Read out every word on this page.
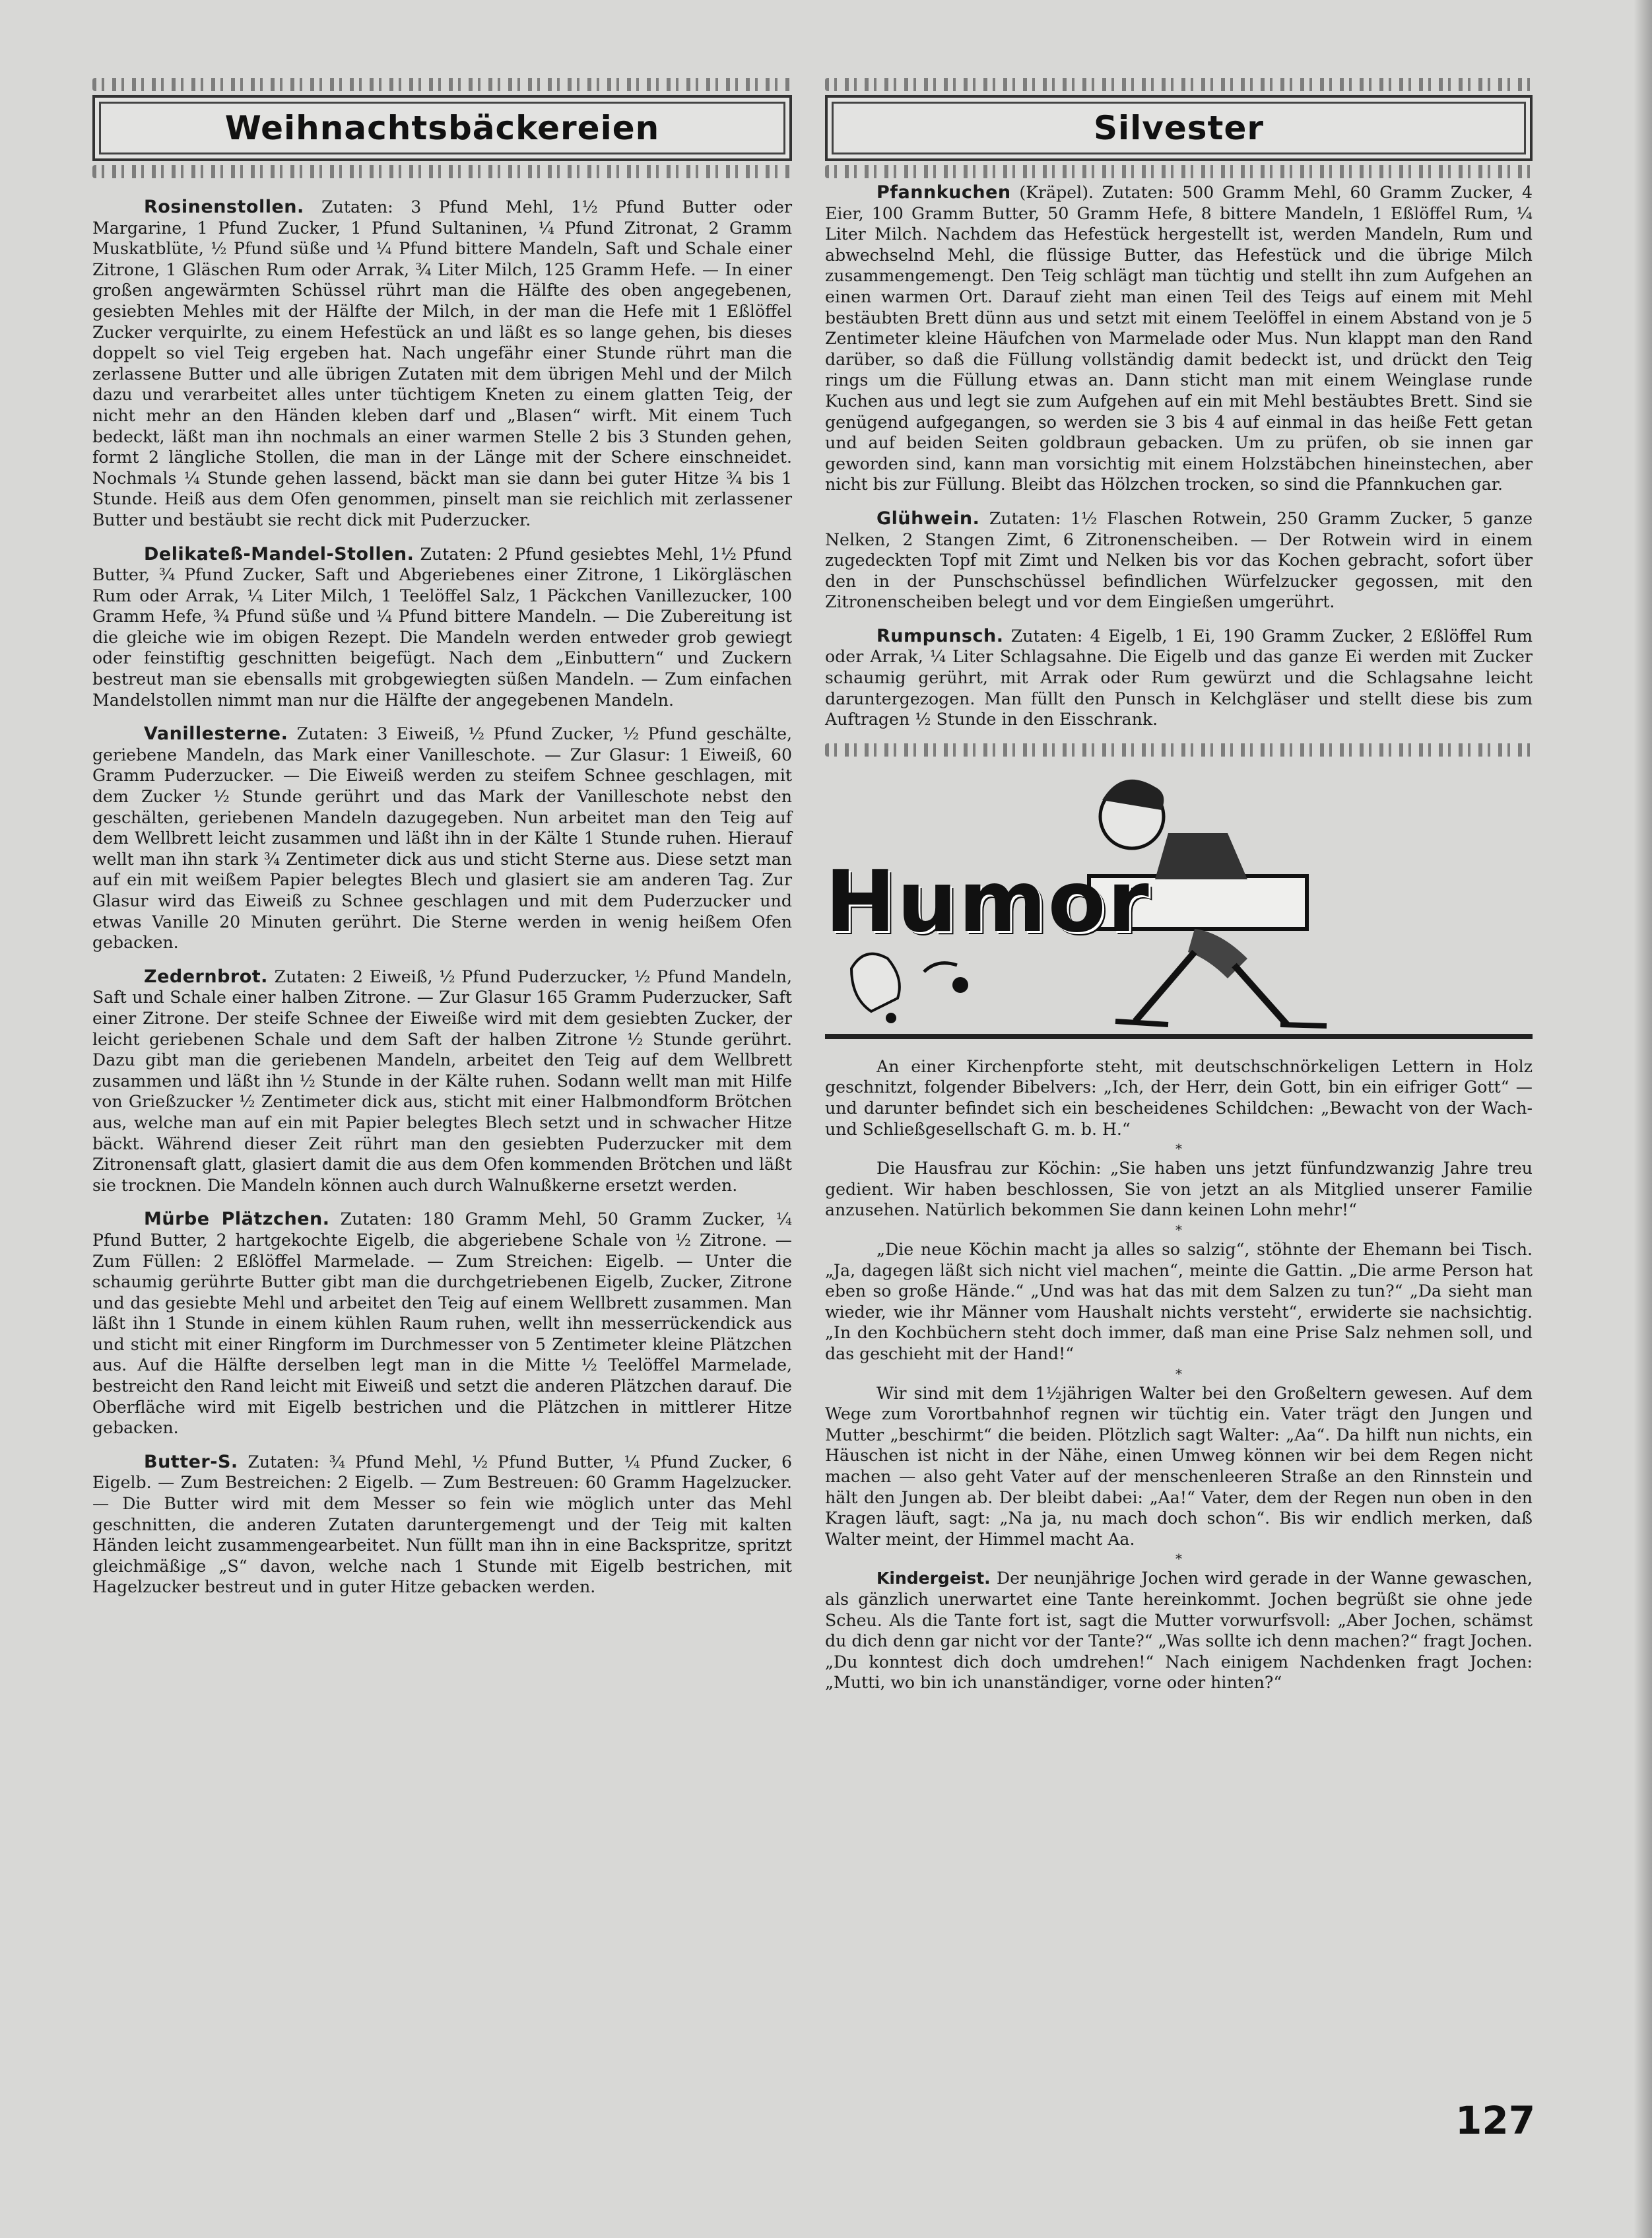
Weihnachtsbäckereien

Rosinenstollen. Zutaten: 3 Pfund Mehl, 1½ Pfund Butter oder Margarine, 1 Pfund Zucker, 1 Pfund Sultaninen, ¼ Pfund Zitronat, 2 Gramm Muskatblüte, ½ Pfund süße und ¼ Pfund bittere Mandeln, Saft und Schale einer Zitrone, 1 Gläschen Rum oder Arrak, ¾ Liter Milch, 125 Gramm Hefe. — In einer großen angewärmten Schüssel rührt man die Hälfte des oben angegebenen, gesiebten Mehles mit der Hälfte der Milch, in der man die Hefe mit 1 Eßlöffel Zucker verquirlte, zu einem Hefestück an und läßt es so lange gehen, bis dieses doppelt so viel Teig ergeben hat. Nach ungefähr einer Stunde rührt man die zerlassene Butter und alle übrigen Zutaten mit dem übrigen Mehl und der Milch dazu und verarbeitet alles unter tüchtigem Kneten zu einem glatten Teig, der nicht mehr an den Händen kleben darf und „Blasen“ wirft. Mit einem Tuch bedeckt, läßt man ihn nochmals an einer warmen Stelle 2 bis 3 Stunden gehen, formt 2 längliche Stollen, die man in der Länge mit der Schere einschneidet. Nochmals ¼ Stunde gehen lassend, bäckt man sie dann bei guter Hitze ¾ bis 1 Stunde. Heiß aus dem Ofen genommen, pinselt man sie reichlich mit zerlassener Butter und bestäubt sie recht dick mit Puderzucker.

Delikateß-Mandel-Stollen. Zutaten: 2 Pfund gesiebtes Mehl, 1½ Pfund Butter, ¾ Pfund Zucker, Saft und Abgeriebenes einer Zitrone, 1 Likörgläschen Rum oder Arrak, ¼ Liter Milch, 1 Teelöffel Salz, 1 Päckchen Vanillezucker, 100 Gramm Hefe, ¾ Pfund süße und ¼ Pfund bittere Mandeln. — Die Zubereitung ist die gleiche wie im obigen Rezept. Die Mandeln werden entweder grob gewiegt oder feinstiftig geschnitten beigefügt. Nach dem „Einbuttern“ und Zuckern bestreut man sie ebensalls mit grobgewiegten süßen Mandeln. — Zum einfachen Mandelstollen nimmt man nur die Hälfte der angegebenen Mandeln.

Vanillesterne. Zutaten: 3 Eiweiß, ½ Pfund Zucker, ½ Pfund geschälte, geriebene Mandeln, das Mark einer Vanilleschote. — Zur Glasur: 1 Eiweiß, 60 Gramm Puderzucker. — Die Eiweiß werden zu steifem Schnee geschlagen, mit dem Zucker ½ Stunde gerührt und das Mark der Vanilleschote nebst den geschälten, geriebenen Mandeln dazugegeben. Nun arbeitet man den Teig auf dem Wellbrett leicht zusammen und läßt ihn in der Kälte 1 Stunde ruhen. Hierauf wellt man ihn stark ¾ Zentimeter dick aus und sticht Sterne aus. Diese setzt man auf ein mit weißem Papier belegtes Blech und glasiert sie am anderen Tag. Zur Glasur wird das Eiweiß zu Schnee geschlagen und mit dem Puderzucker und etwas Vanille 20 Minuten gerührt. Die Sterne werden in wenig heißem Ofen gebacken.

Zedernbrot. Zutaten: 2 Eiweiß, ½ Pfund Puderzucker, ½ Pfund Mandeln, Saft und Schale einer halben Zitrone. — Zur Glasur 165 Gramm Puderzucker, Saft einer Zitrone. Der steife Schnee der Eiweiße wird mit dem gesiebten Zucker, der leicht geriebenen Schale und dem Saft der halben Zitrone ½ Stunde gerührt. Dazu gibt man die geriebenen Mandeln, arbeitet den Teig auf dem Wellbrett zusammen und läßt ihn ½ Stunde in der Kälte ruhen. Sodann wellt man mit Hilfe von Grießzucker ½ Zentimeter dick aus, sticht mit einer Halbmondform Brötchen aus, welche man auf ein mit Papier belegtes Blech setzt und in schwacher Hitze bäckt. Während dieser Zeit rührt man den gesiebten Puderzucker mit dem Zitronensaft glatt, glasiert damit die aus dem Ofen kommenden Brötchen und läßt sie trocknen. Die Mandeln können auch durch Walnußkerne ersetzt werden.

Mürbe Plätzchen. Zutaten: 180 Gramm Mehl, 50 Gramm Zucker, ¼ Pfund Butter, 2 hartgekochte Eigelb, die abgeriebene Schale von ½ Zitrone. — Zum Füllen: 2 Eßlöffel Marmelade. — Zum Streichen: Eigelb. — Unter die schaumig gerührte Butter gibt man die durchgetriebenen Eigelb, Zucker, Zitrone und das gesiebte Mehl und arbeitet den Teig auf einem Wellbrett zusammen. Man läßt ihn 1 Stunde in einem kühlen Raum ruhen, wellt ihn messerrückendick aus und sticht mit einer Ringform im Durchmesser von 5 Zentimeter kleine Plätzchen aus. Auf die Hälfte derselben legt man in die Mitte ½ Teelöffel Marmelade, bestreicht den Rand leicht mit Eiweiß und setzt die anderen Plätzchen darauf. Die Oberfläche wird mit Eigelb bestrichen und die Plätzchen in mittlerer Hitze gebacken.

Butter-S. Zutaten: ¾ Pfund Mehl, ½ Pfund Butter, ¼ Pfund Zucker, 6 Eigelb. — Zum Bestreichen: 2 Eigelb. — Zum Bestreuen: 60 Gramm Hagelzucker. — Die Butter wird mit dem Messer so fein wie möglich unter das Mehl geschnitten, die anderen Zutaten daruntergemengt und der Teig mit kalten Händen leicht zusammengearbeitet. Nun füllt man ihn in eine Backspritze, spritzt gleichmäßige „S“ davon, welche nach 1 Stunde mit Eigelb bestrichen, mit Hagelzucker bestreut und in guter Hitze gebacken werden.

Silvester

Pfannkuchen (Kräpel). Zutaten: 500 Gramm Mehl, 60 Gramm Zucker, 4 Eier, 100 Gramm Butter, 50 Gramm Hefe, 8 bittere Mandeln, 1 Eßlöffel Rum, ¼ Liter Milch. Nachdem das Hefestück hergestellt ist, werden Mandeln, Rum und abwechselnd Mehl, die flüssige Butter, das Hefestück und die übrige Milch zusammengemengt. Den Teig schlägt man tüchtig und stellt ihn zum Aufgehen an einen warmen Ort. Darauf zieht man einen Teil des Teigs auf einem mit Mehl bestäubten Brett dünn aus und setzt mit einem Teelöffel in einem Abstand von je 5 Zentimeter kleine Häufchen von Marmelade oder Mus. Nun klappt man den Rand darüber, so daß die Füllung vollständig damit bedeckt ist, und drückt den Teig rings um die Füllung etwas an. Dann sticht man mit einem Weinglase runde Kuchen aus und legt sie zum Aufgehen auf ein mit Mehl bestäubtes Brett. Sind sie genügend aufgegangen, so werden sie 3 bis 4 auf einmal in das heiße Fett getan und auf beiden Seiten goldbraun gebacken. Um zu prüfen, ob sie innen gar geworden sind, kann man vorsichtig mit einem Holzstäbchen hineinstechen, aber nicht bis zur Füllung. Bleibt das Hölzchen trocken, so sind die Pfannkuchen gar.

Glühwein. Zutaten: 1½ Flaschen Rotwein, 250 Gramm Zucker, 5 ganze Nelken, 2 Stangen Zimt, 6 Zitronenscheiben. — Der Rotwein wird in einem zugedeckten Topf mit Zimt und Nelken bis vor das Kochen gebracht, sofort über den in der Punschschüssel befindlichen Würfelzucker gegossen, mit den Zitronenscheiben belegt und vor dem Eingießen umgerührt.

Rumpunsch. Zutaten: 4 Eigelb, 1 Ei, 190 Gramm Zucker, 2 Eßlöffel Rum oder Arrak, ¼ Liter Schlagsahne. Die Eigelb und das ganze Ei werden mit Zucker schaumig gerührt, mit Arrak oder Rum gewürzt und die Schlagsahne leicht daruntergezogen. Man füllt den Punsch in Kelchgläser und stellt diese bis zum Auftragen ½ Stunde in den Eisschrank.

Humor

An einer Kirchenpforte steht, mit deutschschnörkeligen Lettern in Holz geschnitzt, folgender Bibelvers: „Ich, der Herr, dein Gott, bin ein eifriger Gott“ — und darunter befindet sich ein bescheidenes Schildchen: „Bewacht von der Wach- und Schließgesellschaft G. m. b. H.“

*

Die Hausfrau zur Köchin: „Sie haben uns jetzt fünfundzwanzig Jahre treu gedient. Wir haben beschlossen, Sie von jetzt an als Mitglied unserer Familie anzusehen. Natürlich bekommen Sie dann keinen Lohn mehr!“

*

„Die neue Köchin macht ja alles so salzig“, stöhnte der Ehemann bei Tisch. „Ja, dagegen läßt sich nicht viel machen“, meinte die Gattin. „Die arme Person hat eben so große Hände.“ „Und was hat das mit dem Salzen zu tun?“ „Da sieht man wieder, wie ihr Männer vom Haushalt nichts versteht“, erwiderte sie nachsichtig. „In den Kochbüchern steht doch immer, daß man eine Prise Salz nehmen soll, und das geschieht mit der Hand!“

*

Wir sind mit dem 1½jährigen Walter bei den Großeltern gewesen. Auf dem Wege zum Vorortbahnhof regnen wir tüchtig ein. Vater trägt den Jungen und Mutter „beschirmt“ die beiden. Plötzlich sagt Walter: „Aa“. Da hilft nun nichts, ein Häuschen ist nicht in der Nähe, einen Umweg können wir bei dem Regen nicht machen — also geht Vater auf der menschenleeren Straße an den Rinnstein und hält den Jungen ab. Der bleibt dabei: „Aa!“ Vater, dem der Regen nun oben in den Kragen läuft, sagt: „Na ja, nu mach doch schon“. Bis wir endlich merken, daß Walter meint, der Himmel macht Aa.

*

Kindergeist. Der neunjährige Jochen wird gerade in der Wanne gewaschen, als gänzlich unerwartet eine Tante hereinkommt. Jochen begrüßt sie ohne jede Scheu. Als die Tante fort ist, sagt die Mutter vorwurfsvoll: „Aber Jochen, schämst du dich denn gar nicht vor der Tante?“ „Was sollte ich denn machen?“ fragt Jochen. „Du konntest dich doch umdrehen!“ Nach einigem Nachdenken fragt Jochen: „Mutti, wo bin ich unanständiger, vorne oder hinten?“

127
